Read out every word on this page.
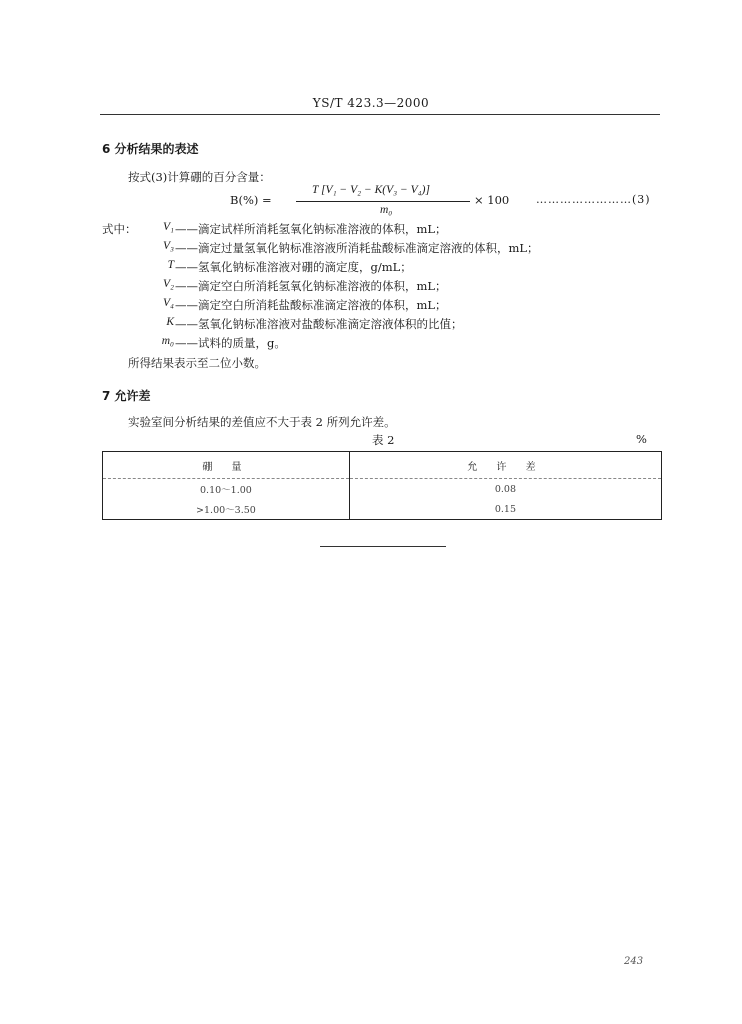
YS/T 423.3—2000
6 分析结果的表述
按式(3)计算硼的百分含量：
B(%) =
T [V₁ − V₂ − K(V₃ − V₄)]
m₀
× 100 ……………………(3)
式中：	V₁ ——滴定试样所消耗氢氧化钠标准溶液的体积，mL；
V₃ ——滴定过量氢氧化钠标准溶液所消耗盐酸标准滴定溶液的体积，mL；
T ——氢氧化钠标准溶液对硼的滴定度，g/mL；
V₂ ——滴定空白所消耗氢氧化钠标准溶液的体积，mL；
V₄ ——滴定空白所消耗盐酸标准滴定溶液的体积，mL；
K ——氢氧化钠标准溶液对盐酸标准滴定溶液体积的比值；
m₀ ——试料的质量，g。
所得结果表示至二位小数。
7 允许差
实验室间分析结果的差值应不大于表 2 所列允许差。
表 2	%
硼 量	允 许 差
0.10～1.00	0.08
>1.00～3.50	0.15
243
